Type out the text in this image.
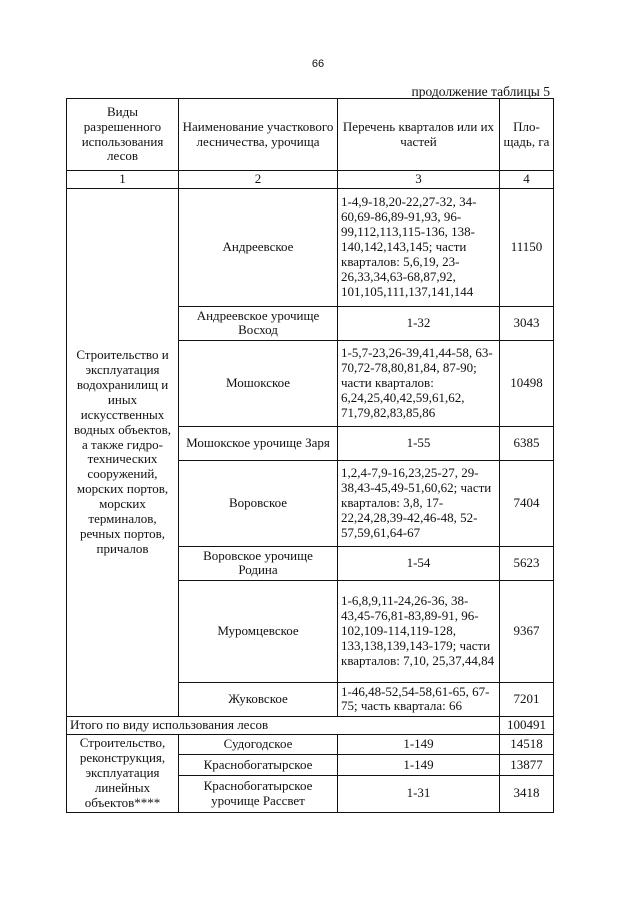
66
продолжение таблицы 5
Виды разрешенного использования лесов	Наименование участкового лесничества, урочища	Перечень кварталов или их частей	Пло-щадь, га
1	2	3	4
Строительство и эксплуатация водохранилищ и иных искусственных водных объектов, а также гидро-технических сооружений, морских портов, морских терминалов, речных портов, причалов	Андреевское	1-4,9-18,20-22,27-32, 34-60,69-86,89-91,93, 96-99,112,113,115-136, 138-140,142,143,145; части кварталов: 5,6,19, 23-26,33,34,63-68,87,92, 101,105,111,137,141,144	11150
	Андреевское урочище Восход	1-32	3043
	Мошокское	1-5,7-23,26-39,41,44-58, 63-70,72-78,80,81,84, 87-90; части кварталов: 6,24,25,40,42,59,61,62, 71,79,82,83,85,86	10498
	Мошокское урочище Заря	1-55	6385
	Воровское	1,2,4-7,9-16,23,25-27, 29-38,43-45,49-51,60,62; части кварталов: 3,8, 17-22,24,28,39-42,46-48, 52-57,59,61,64-67	7404
	Воровское урочище Родина	1-54	5623
	Муромцевское	1-6,8,9,11-24,26-36, 38-43,45-76,81-83,89-91, 96-102,109-114,119-128, 133,138,139,143-179; части кварталов: 7,10, 25,37,44,84	9367
	Жуковское	1-46,48-52,54-58,61-65, 67-75; часть квартала: 66	7201
Итого по виду использования лесов			100491
Строительство, реконструкция, эксплуатация линейных объектов****	Судогодское	1-149	14518
	Краснобогатырское	1-149	13877
	Краснобогатырское урочище Рассвет	1-31	3418
